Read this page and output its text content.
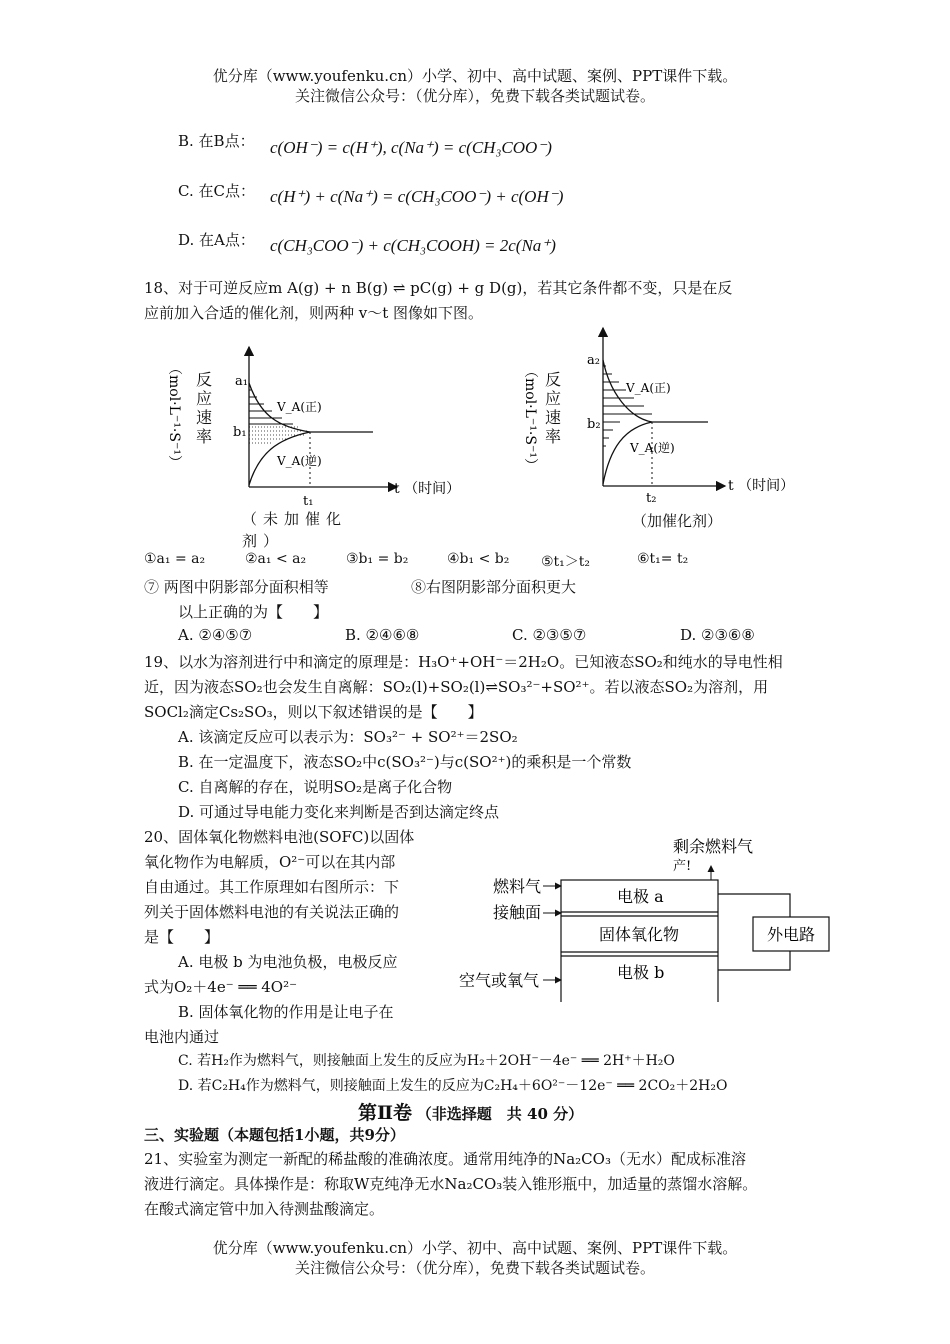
优分库（www.youfenku.cn）小学、初中、高中试题、案例、PPT课件下载。
关注微信公众号：（优分库），免费下载各类试题试卷。
B. 在B点： c(OH⁻) = c(H⁺), c(Na⁺) = c(CH₃COO⁻)
C. 在C点： c(H⁺) + c(Na⁺) = c(CH₃COO⁻) + c(OH⁻)
D. 在A点： c(CH₃COO⁻) + c(CH₃COOH) = 2c(Na⁺)
18、对于可逆反应m A(g) + n B(g) ⇌ pC(g) + g D(g)，若其它条件都不变，只是在反
应前加入合适的催化剂，则两种 v～t 图像如下图。
a₁
b₁
t₁
V_A(正)
V_A(逆)
t （时间）
（mol·L⁻¹·S⁻¹） 反应速率
（未加催化剂）
a₂
b₂
t₂
V_A(正)
V_A(逆)
t （时间）
（mol·L⁻¹·S⁻¹） 反应速率
（加催化剂）
①a₁ = a₂	②a₁ < a₂	③b₁ = b₂	④b₁ < b₂ ⑤t₁＞t₂	⑥t₁= t₂
⑦ 两图中阴影部分面积相等	⑧右图阴影部分面积更大
以上正确的为【　　】
A. ②④⑤⑦	B. ②④⑥⑧	C. ②③⑤⑦	D. ②③⑥⑧
19、以水为溶剂进行中和滴定的原理是：H₃O⁺+OH⁻＝2H₂O。已知液态SO₂和纯水的导电性相
近，因为液态SO₂也会发生自离解：SO₂(l)+SO₂(l)⇌SO₃²⁻+SO²⁺。若以液态SO₂为溶剂，用
SOCl₂滴定Cs₂SO₃，则以下叙述错误的是【　　】
A. 该滴定反应可以表示为：SO₃²⁻ + SO²⁺＝2SO₂
B. 在一定温度下，液态SO₂中c(SO₃²⁻)与c(SO²⁺)的乘积是一个常数
C. 自离解的存在，说明SO₂是离子化合物
D. 可通过导电能力变化来判断是否到达滴定终点
20、固体氧化物燃料电池(SOFC)以固体
氧化物作为电解质，O²⁻可以在其内部
自由通过。其工作原理如右图所示：下
列关于固体燃料电池的有关说法正确的
是【　　】
A. 电极 b 为电池负极，电极反应
式为O₂＋4e⁻ ══ 4O²⁻
B. 固体氧化物的作用是让电子在
电池内通过
C. 若H₂作为燃料气，则接触面上发生的反应为H₂＋2OH⁻－4e⁻ ══ 2H⁺＋H₂O
D. 若C₂H₄作为燃料气，则接触面上发生的反应为C₂H₄＋6O²⁻－12e⁻ ══ 2CO₂＋2H₂O
剩余燃料气
产!
电极 a
固体氧化物
电极 b
外电路
燃料气
接触面
空气或氧气
第Ⅱ卷 （非选择题　共 40 分）
三、实验题（本题包括1小题，共9分）
21、实验室为测定一新配的稀盐酸的准确浓度。通常用纯净的Na₂CO₃（无水）配成标准溶
液进行滴定。具体操作是：称取W克纯净无水Na₂CO₃装入锥形瓶中，加适量的蒸馏水溶解。
在酸式滴定管中加入待测盐酸滴定。
优分库（www.youfenku.cn）小学、初中、高中试题、案例、PPT课件下载。
关注微信公众号：（优分库），免费下载各类试题试卷。
